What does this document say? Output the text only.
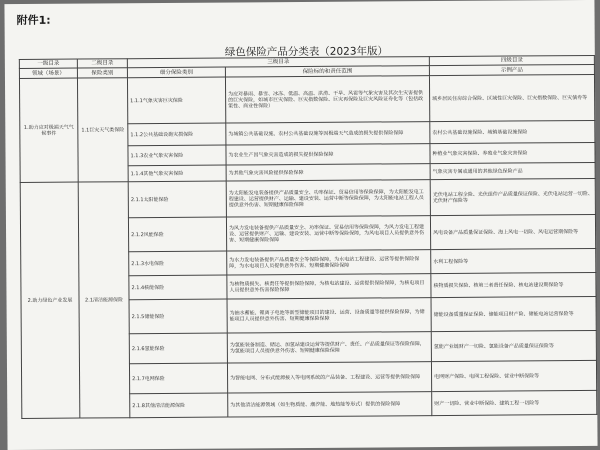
附件1:
绿色保险产品分类表（2023年版）
一级目录	二级目录	三级目录		四级目录
领域（场景）	保险类别	细分保险类别	保险标的和责任范围	示例产品
1.助力应对极端天气气候事件	1.1巨灾天气类保险	1.1.1气象灾害巨灾保险	为应对暴雨、暴雪、冰冻、低温、高温、洪涝、干旱、风雹等气象灾害及其次生灾害提供的巨灾保险，如城市巨灾保险、巨灾指数保险、巨灾再保险及巨灾风险证券化等（包括政策性、商业性保险）	城乡居民住房综合保险、区域性巨灾保险、巨灾指数保险、巨灾债券等
		1.1.2公共基础设施灾损保险	为城镇公共基础设施、农村公共基础设施等因极端天气造成的损失提供保险保障	农村公共基础设施保险、城镇基础设施保险
		1.1.3农业气象灾害保险	为农业生产因气象灾害造成的损失提供保险保障	种植业气象灾害保险、养殖业气象灾害保险
		1.1.4其他气象灾害保险	为其他气象灾害风险提供保险保障	气象灾害专属或通用的其他绿色保险产品
2.助力绿色产业发展	2.1清洁能源保险	2.1.1太阳能保险	为太阳能发电装备提供产品质量安全、功率保证、贸易信用等保险保障，为太阳能发电工程建设、运营提供财产、运输、建设安装、运营中断等保险保障，为太阳能电站工程人员提供意外伤害、短期健康保险保障	光伏电站工程全险、光伏组件产品质量保证保险、光伏电站运营一切险、光伏财产保险等
		2.1.2风能保险	为风力发电装备提供产品质量安全、功率保证、贸易信用等保险保障，为风力发电工程建设、运营提供财产、运输、建设安装、运营中断等保险保障，为风电项目人员提供意外伤害、短期健康保险保障	风电设备产品质量保证保险、海上风电一切险、风电运营期保险等
		2.1.3水电保险	为水力发电装备提供产品质量安全等保险保障，为水电站工程建设、运营等提供保险保障，为水电项目人员提供意外伤害、短期健康保险保障	水利工程保险等
		2.1.4核能保险	为核物质损失、核责任等提供保险保障，为核电站建设、运营提供保险保障，为核电项目人员提供意外伤害保险保障	核物质损失保险、核第三者责任保险、核电站建设期保险等
		2.1.5储能保险	为抽水蓄能、锂离子电池等新型储能项目的建设、运营、设备质量等提供保险保障，为储能项目人员提供意外伤害、短期健康保险保障	储能设备质量保证保险、储能项目财产险、储能电站运营保险等
		2.1.6氢能保险	为氢能装备制造、储运、加氢站建设运营等提供财产、责任、产品质量保证等保险保障，为氢能项目人员提供意外伤害、短期健康保险保障	氢能产业链财产一切险、氢能设备产品质量保证保险等
		2.1.7电网保险	为智能电网、分布式能源接入等电网系统的产品装备、工程建设、运营等提供保险保障	电网财产保险、电网工程保险、营业中断保险等
		2.1.8其他清洁能源保险	为其他清洁能源领域（如生物质能、潮汐能、地热能等形式）提供的保险保障	财产一切险、营业中断保险、建筑工程一切险等
